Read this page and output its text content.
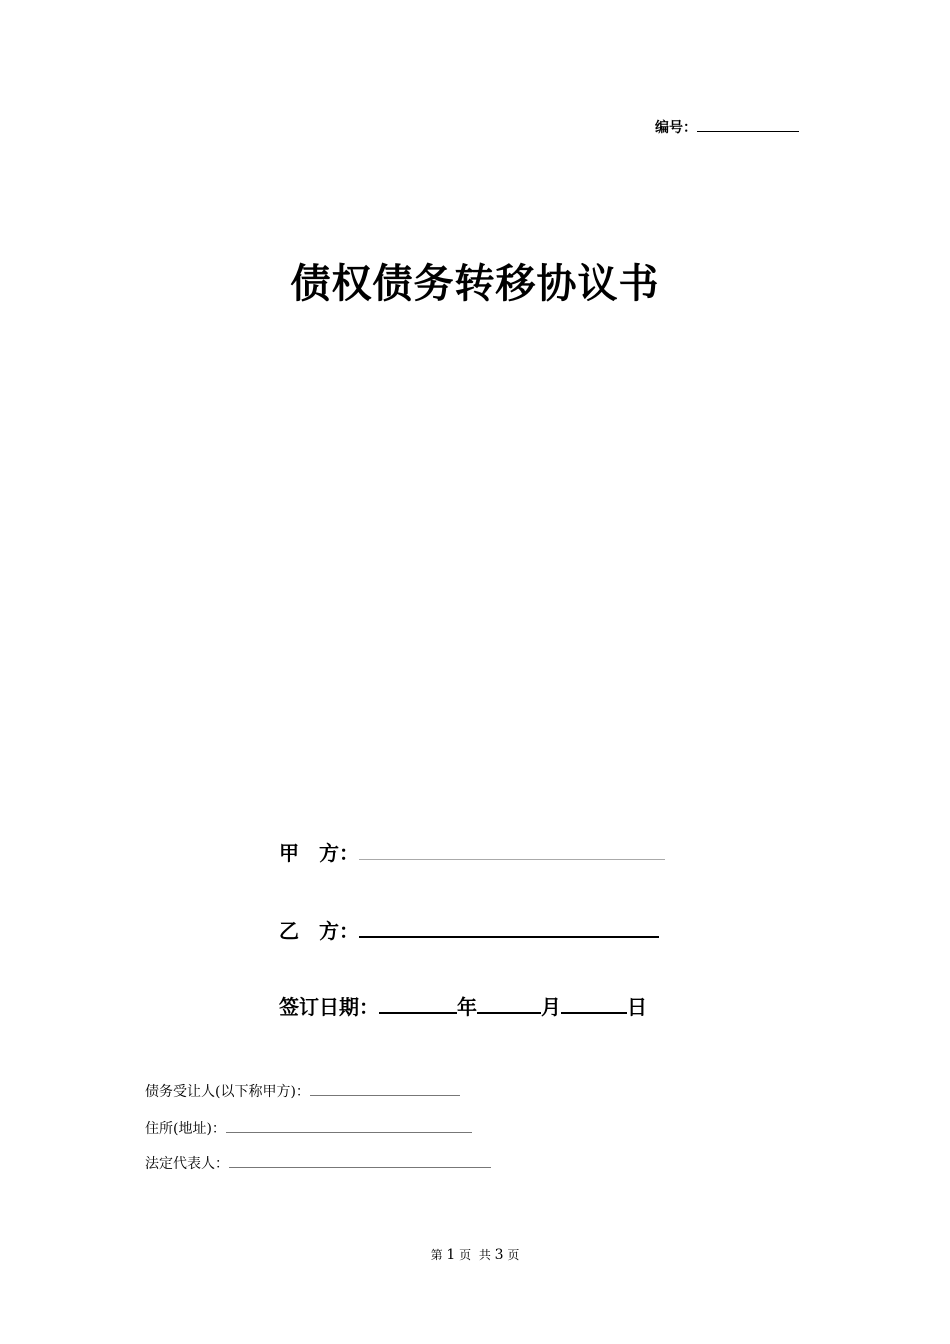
编号：
债权债务转移协议书
甲　方：
乙　方：
签订日期：	年	月	日
债务受让人(以下称甲方)：
住所(地址)：
法定代表人：
第 1 页 共 3 页
